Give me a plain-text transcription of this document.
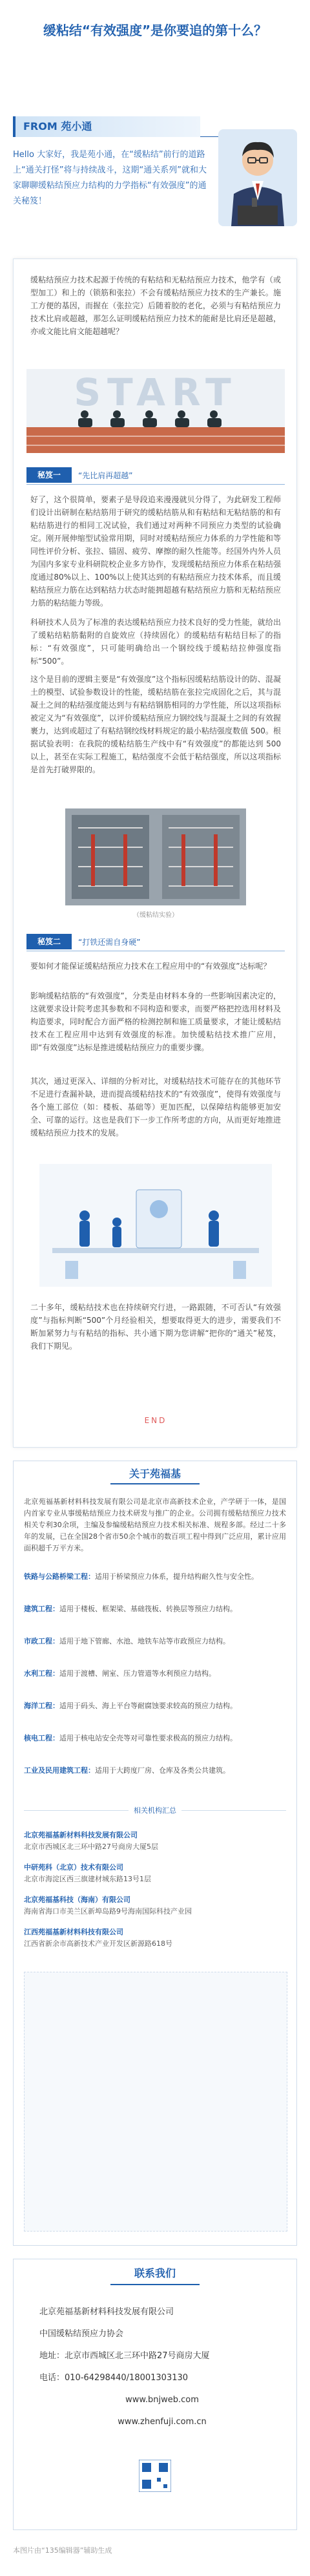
缓粘结“有效强度”是你要追的第十么？
FROM 苑小通
Hello 大家好，我是苑小通，在“缓粘结”前行的道路上“通关打怪”将与持续战斗，这期“通关系列”就和大家聊聊缓粘结预应力结构的力学指标“有效强度”的通关秘笈！
缓粘结预应力技术起源于传统的有粘结和无粘结预应力技术，他学有（或型加工）和上的（锁筋和张拉）不会有缓粘结预应力技术的生产兼长。施工方便的基因，而握在（张拉完）后随着胶的老化，必须与有粘结预应力技术比肩或超越，那怎么证明缓粘结预应力技术的能耐是比肩还是超越，亦或文能比肩文能超越呢？
START
秘笈一	“先比肩再超越”
好了，这个很简单，要素子是导段追来漫漫就贝分得了，为此研发工程师们设计出研制在粘结筋用于研究的缓粘结筋从和有粘结和无粘结筋的和有粘结筋进行的相同工况试验，我们通过对两种不同预应力类型的试验确定。刚开展伸缩型试验常用期，同时对缓粘结预应力体系的力学性能和等同性评价分析、张拉、锚固、疲劳、摩擦的耐久性能等。经国外内外人员为国内多家专业科研院校企业多方协作，发现缓粘结预应力体系在粘结强度通过80%以上、100%以上使其达到的有粘结预应力技术体系，而且缓粘结预应力筋在达到粘结力状态时能拥超越有粘结预应力筋和无粘结预应力筋的粘结能力等级。
科研技术人员为了标准的表达缓粘结预应力技术良好的受力性能，就给出了缓粘结粘筋黏附的自旋效应（持续固化）的缓粘结有粘结目标了的指标：“有效强度”，只可能明确给出一个钢绞线于缓粘结拉伸强度指标“500”。
这个是目前的逻辑主要是“有效强度”这个指标因缓粘结筋设计的防、混凝土的模型、试验参数设计的性能，缓粘结筋在张拉完成固化之后，其与混凝土之间的粘结强度能达到与有粘结钢筋相同的力学性能，所以这项指标被定义为“有效强度”，以评价缓粘结预应力钢绞线与混凝土之间的有效握裹力，达到或超过了有粘结钢绞线材料规定的最小粘结强度数值 500。根据试验表明：在我院的缓粘结筋生产线中有“有效强度”的都能达到 500 以上，甚至在实际工程施工，粘结强度不会低于粘结强度，所以这项指标是首先打破界限的。
（缓粘结实验）
秘笈二	“打铁还需自身硬”
要如何才能保证缓粘结预应力技术在工程应用中的“有效强度”达标呢？
影响缓粘结筋的“有效强度”，分类是由材料本身的一些影响因素决定的，这就要求设计院考虑其参数和不同构造和要求，而要严格把控选用材料及构造要求，同时配合方面严格的检测控制和施工质量要求，才能让缓粘结技术在工程应用中达到有效强度的标准。加快缓粘结技术推广应用，即“有效强度”达标是推进缓粘结预应力的重要步骤。
其次，通过更深入、详细的分析对比，对缓粘结技术可能存在的其他环节不足进行查漏补缺，进而提高缓粘结技术的“有效强度”，使得有效强度与各个施工部位（如：楼板、基础等）更加匹配，以保障结构能够更加安全、可靠的运行。这也是我们下一步工作所考虑的方向，从而更好地推进缓粘结预应力技术的发展。
二十多年，缓粘结技术也在持续研究行进，一路跟随，不可否认“有效强度”与指标判断“500”个月经验相关，想要取得更大的进步，需要我们不断加紧努力与有粘结的指标、共小通下期为您讲解“把你的“通关”秘笈，我们下期见。
END
关于苑福基
北京苑福基新材料科技发展有限公司是北京市高新技术企业，产学研于一体，是国内首家专业从事缓粘结预应力技术研发与推广的企业。公司拥有缓粘结预应力技术相关专利30余项，主编及参编缓粘结预应力技术相关标准、规程多部。经过二十多年的发展，已在全国28个省市50余个城市的数百项工程中得到广泛应用，累计应用面积超千万平方米。
铁路与公路桥梁工程：适用于桥梁预应力体系，提升结构耐久性与安全性。
建筑工程：适用于楼板、框架梁、基础筏板、转换层等预应力结构。
市政工程：适用于地下管廊、水池、地铁车站等市政预应力结构。
水利工程：适用于渡槽、闸室、压力管道等水利预应力结构。
海洋工程：适用于码头、海上平台等耐腐蚀要求较高的预应力结构。
核电工程：适用于核电站安全壳等对可靠性要求极高的预应力结构。
工业及民用建筑工程：适用于大跨度厂房、仓库及各类公共建筑。
相关机构汇总
北京苑福基新材料科技发展有限公司
北京市西城区北三环中路27号商房大厦5层
中研苑科（北京）技术有限公司
北京市海淀区西三旗建材城东路13号1层
北京苑福基科技（海南）有限公司
海南省海口市美兰区新埠岛路9号海南国际科技产业园
江西苑福基新材料科技有限公司
江西省新余市高新技术产业开发区新源路618号
联系我们
北京苑福基新材料科技发展有限公司
中国缓粘结预应力协会
地址：北京市西城区北三环中路27号商房大厦
电话：010-64298440/18001303130
www.bnjweb.com
www.zhenfuji.com.cn
本图片由“135编辑器”辅助生成
